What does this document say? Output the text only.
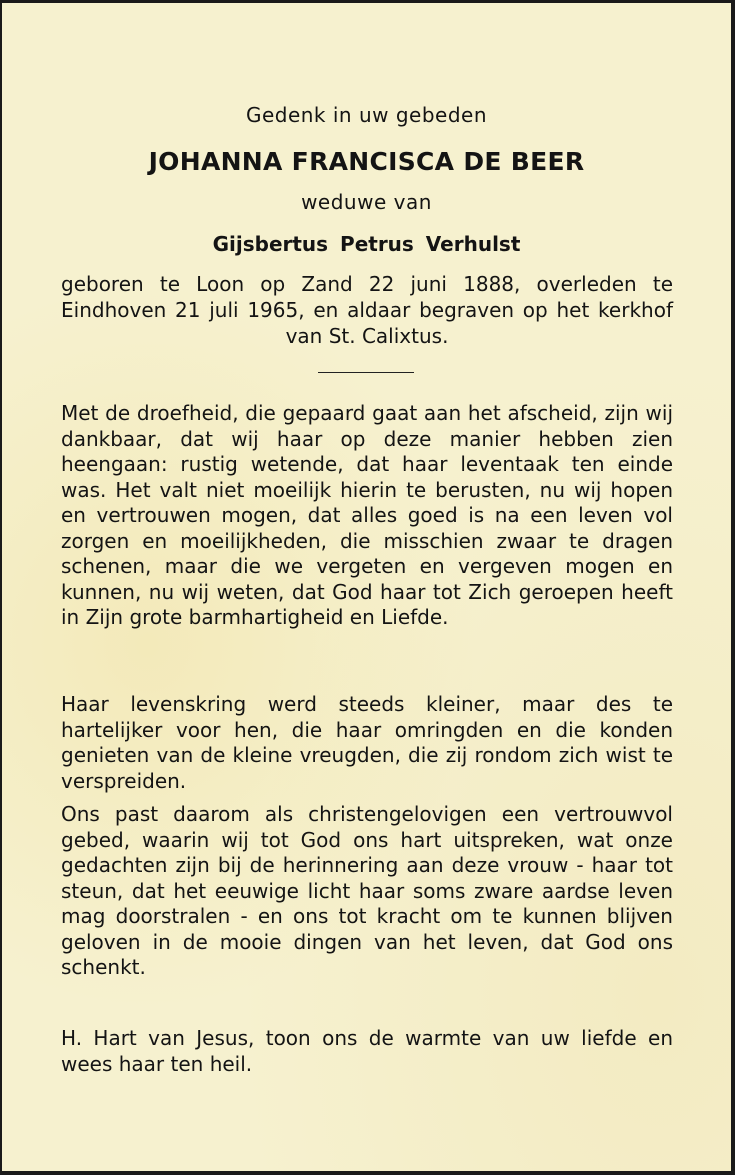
Gedenk in uw gebeden
JOHANNA FRANCISCA DE BEER
weduwe van
Gijsbertus Petrus Verhulst
geboren te Loon op Zand 22 juni 1888, overleden te Eindhoven 21 juli 1965, en aldaar begraven op het kerkhof van St. Calixtus.

Met de droefheid, die gepaard gaat aan het afscheid, zijn wij dankbaar, dat wij haar op deze manier hebben zien heengaan: rustig wetende, dat haar leventaak ten einde was. Het valt niet moeilijk hierin te berusten, nu wij hopen en vertrouwen mogen, dat alles goed is na een leven vol zorgen en moeilijkheden, die misschien zwaar te dragen schenen, maar die we vergeten en vergeven mogen en kunnen, nu wij weten, dat God haar tot Zich geroepen heeft in Zijn grote barmhartigheid en Liefde.

Haar levenskring werd steeds kleiner, maar des te hartelijker voor hen, die haar omringden en die konden genieten van de kleine vreugden, die zij rondom zich wist te verspreiden.

Ons past daarom als christengelovigen een vertrouwvol gebed, waarin wij tot God ons hart uitspreken, wat onze gedachten zijn bij de herinnering aan deze vrouw - haar tot steun, dat het eeuwige licht haar soms zware aardse leven mag doorstralen - en ons tot kracht om te kunnen blijven geloven in de mooie dingen van het leven, dat God ons schenkt.

H. Hart van Jesus, toon ons de warmte van uw liefde en wees haar ten heil.
